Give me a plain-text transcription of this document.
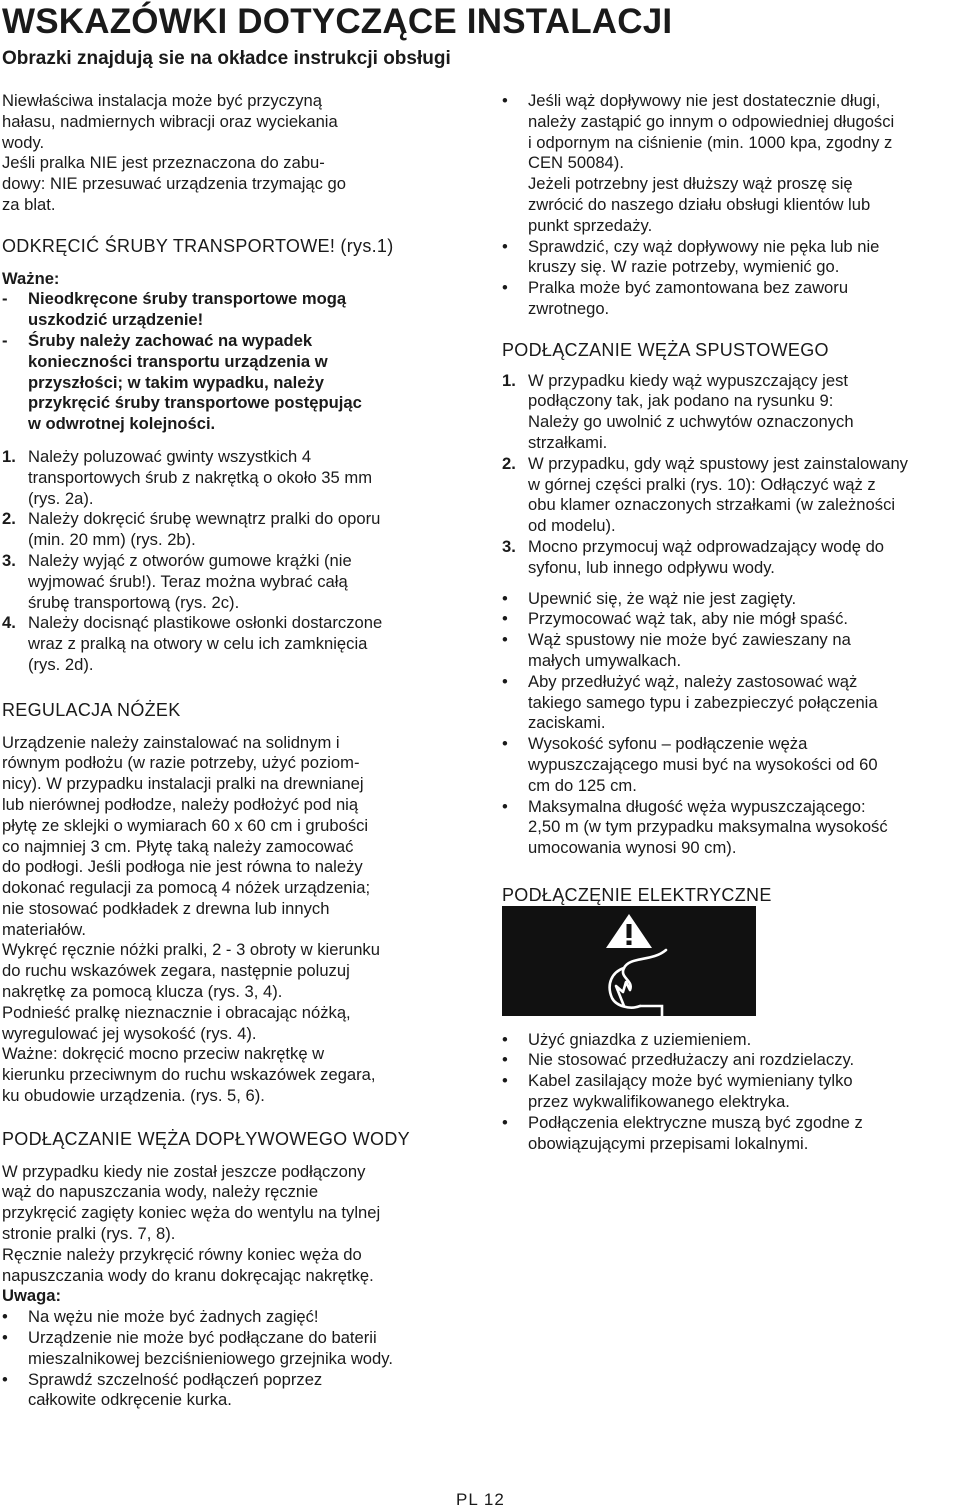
WSKAZÓWKI DOTYCZĄCE INSTALACJI
Obrazki znajdują sie na okładce instrukcji obsługi
Niewłaściwa instalacja może być przyczyną
hałasu, nadmiernych wibracji oraz wyciekania
wody.
Jeśli pralka NIE jest przeznaczona do zabu-
dowy: NIE przesuwać urządzenia trzymając go
za blat.
ODKRĘCIĆ ŚRUBY TRANSPORTOWE! (rys.1)
Ważne:
-	Nieodkręcone śruby transportowe mogą
uszkodzić urządzenie!
-	Śruby należy zachować na wypadek
konieczności transportu urządzenia w
przyszłości; w takim wypadku, należy
przykręcić śruby transportowe postępując
w odwrotnej kolejności.
1. Należy poluzować gwinty wszystkich 4
transportowych śrub z nakrętką o około 35 mm
(rys. 2a).
2. Należy dokręcić śrubę wewnątrz pralki do oporu
(min. 20 mm) (rys. 2b).
3. Należy wyjąć z otworów gumowe krążki (nie
wyjmować śrub!). Teraz można wybrać całą
śrubę transportową (rys. 2c).
4. Należy docisnąć plastikowe osłonki dostarczone
wraz z pralką na otwory w celu ich zamknięcia
(rys. 2d).
REGULACJA NÓŻEK
Urządzenie należy zainstalować na solidnym i
równym podłożu (w razie potrzeby, użyć poziom-
nicy). W przypadku instalacji pralki na drewnianej
lub nierównej podłodze, należy podłożyć pod nią
płytę ze sklejki o wymiarach 60 x 60 cm i grubości
co najmniej 3 cm. Płytę taką należy zamocować
do podłogi. Jeśli podłoga nie jest równa to należy
dokonać regulacji za pomocą 4 nóżek urządzenia;
nie stosować podkładek z drewna lub innych
materiałów.
Wykręć ręcznie nóżki pralki, 2 - 3 obroty w kierunku
do ruchu wskazówek zegara, następnie poluzuj
nakrętkę za pomocą klucza (rys. 3, 4).
Podnieść pralkę nieznacznie i obracając nóżką,
wyregulować jej wysokość (rys. 4).
Ważne: dokręcić mocno przeciw nakrętkę w
kierunku przeciwnym do ruchu wskazówek zegara,
ku obudowie urządzenia. (rys. 5, 6).
PODŁĄCZANIE WĘŻA DOPŁYWOWEGO WODY
W przypadku kiedy nie został jeszcze podłączony
wąż do napuszczania wody, należy ręcznie
przykręcić zagięty koniec węża do wentylu na tylnej
stronie pralki (rys. 7, 8).
Ręcznie należy przykręcić równy koniec węża do
napuszczania wody do kranu dokręcając nakrętkę.
Uwaga:
•	Na wężu nie może być żadnych zagięć!
•	Urządzenie nie może być podłączane do baterii
mieszalnikowej bezciśnieniowego grzejnika wody.
•	Sprawdź szczelność podłączeń poprzez
całkowite odkręcenie kurka.
•	Jeśli wąż dopływowy nie jest dostatecznie długi,
należy zastąpić go innym o odpowiedniej długości
i odpornym na ciśnienie (min. 1000 kpa, zgodny z
CEN 50084).
Jeżeli potrzebny jest dłuższy wąż proszę się
zwrócić do naszego działu obsługi klientów lub
punkt sprzedaży.
•	Sprawdzić, czy wąż dopływowy nie pęka lub nie
kruszy się. W razie potrzeby, wymienić go.
•	Pralka może być zamontowana bez zaworu
zwrotnego.
PODŁĄCZANIE WĘŻA SPUSTOWEGO
1. W przypadku kiedy wąż wypuszczający jest
podłączony tak, jak podano na rysunku 9:
Należy go uwolnić z uchwytów oznaczonych
strzałkami.
2. W przypadku, gdy wąż spustowy jest zainstalowany
w górnej części pralki (rys. 10): Odłączyć wąż z
obu klamer oznaczonych strzałkami (w zależności
od modelu).
3. Mocno przymocuj wąż odprowadzający wodę do
syfonu, lub innego odpływu wody.
•	Upewnić się, że wąż nie jest zagięty.
•	Przymocować wąż tak, aby nie mógł spaść.
•	Wąż spustowy nie może być zawieszany na
małych umywalkach.
•	Aby przedłużyć wąż, należy zastosować wąż
takiego samego typu i zabezpieczyć połączenia
zaciskami.
•	Wysokość syfonu – podłączenie węża
wypuszczającego musi być na wysokości od 60
cm do 125 cm.
•	Maksymalna długość węża wypuszczającego:
2,50 m (w tym przypadku maksymalna wysokość
umocowania wynosi 90 cm).
PODŁĄCZĘNIE ELEKTRYCZNE
•	Użyć gniazdka z uziemieniem.
•	Nie stosować przedłużaczy ani rozdzielaczy.
•	Kabel zasilający może być wymieniany tylko
przez wykwalifikowanego elektryka.
•	Podłączenia elektryczne muszą być zgodne z
obowiązującymi przepisami lokalnymi.
PL 12
